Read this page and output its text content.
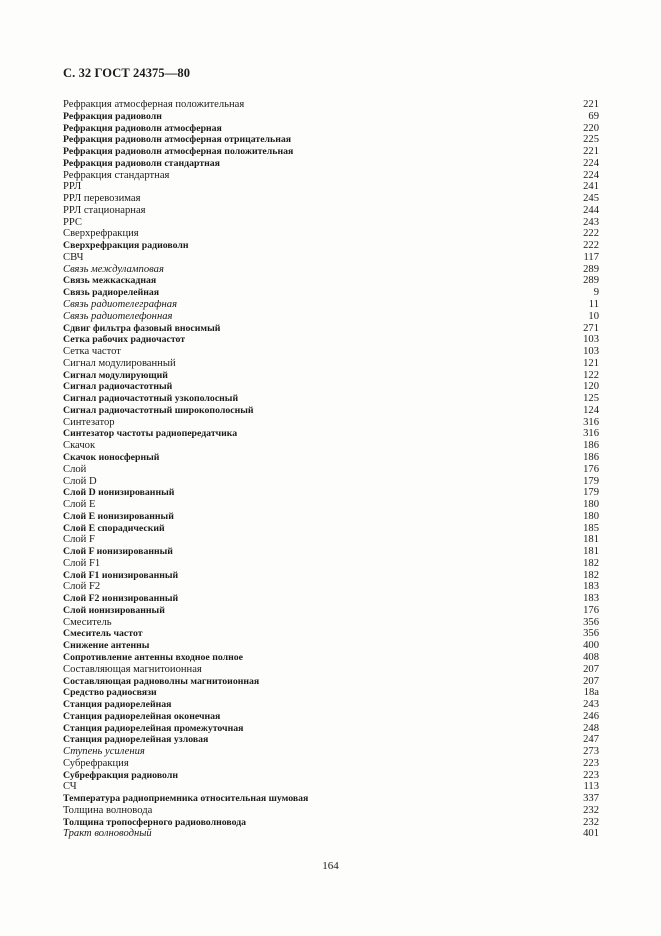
С. 32 ГОСТ 24375—80
Рефракция атмосферная положительная	221
Рефракция радиоволн	69
Рефракция радиоволн атмосферная	220
Рефракция радиоволн атмосферная отрицательная	225
Рефракция радиоволн атмосферная положительная	221
Рефракция радиоволн стандартная	224
Рефракция стандартная	224
РРЛ	241
РРЛ перевозимая	245
РРЛ стационарная	244
РРС	243
Сверхрефракция	222
Сверхрефракция радиоволн	222
СВЧ	117
Связь междуламповая	289
Связь межкаскадная	289
Связь радиорелейная	9
Связь радиотелеграфная	11
Связь радиотелефонная	10
Сдвиг фильтра фазовый вносимый	271
Сетка рабочих радиочастот	103
Сетка частот	103
Сигнал модулированный	121
Сигнал модулирующий	122
Сигнал радиочастотный	120
Сигнал радиочастотный узкополосный	125
Сигнал радиочастотный широкополосный	124
Синтезатор	316
Синтезатор частоты радиопередатчика	316
Скачок	186
Скачок ионосферный	186
Слой	176
Слой D	179
Слой D ионизированный	179
Слой E	180
Слой E ионизированный	180
Слой E спорадический	185
Слой F	181
Слой F ионизированный	181
Слой F1	182
Слой F1 ионизированный	182
Слой F2	183
Слой F2 ионизированный	183
Слой ионизированный	176
Смеситель	356
Смеситель частот	356
Снижение антенны	400
Сопротивление антенны входное полное	408
Составляющая магнитоионная	207
Составляющая радиоволны магнитоионная	207
Средство радиосвязи	18а
Станция радиорелейная	243
Станция радиорелейная оконечная	246
Станция радиорелейная промежуточная	248
Станция радиорелейная узловая	247
Ступень усиления	273
Субрефракция	223
Субрефракция радиоволн	223
СЧ	113
Температура радиоприемника относительная шумовая	337
Толщина волновода	232
Толщина тропосферного радиоволновода	232
Тракт волноводный	401
164
